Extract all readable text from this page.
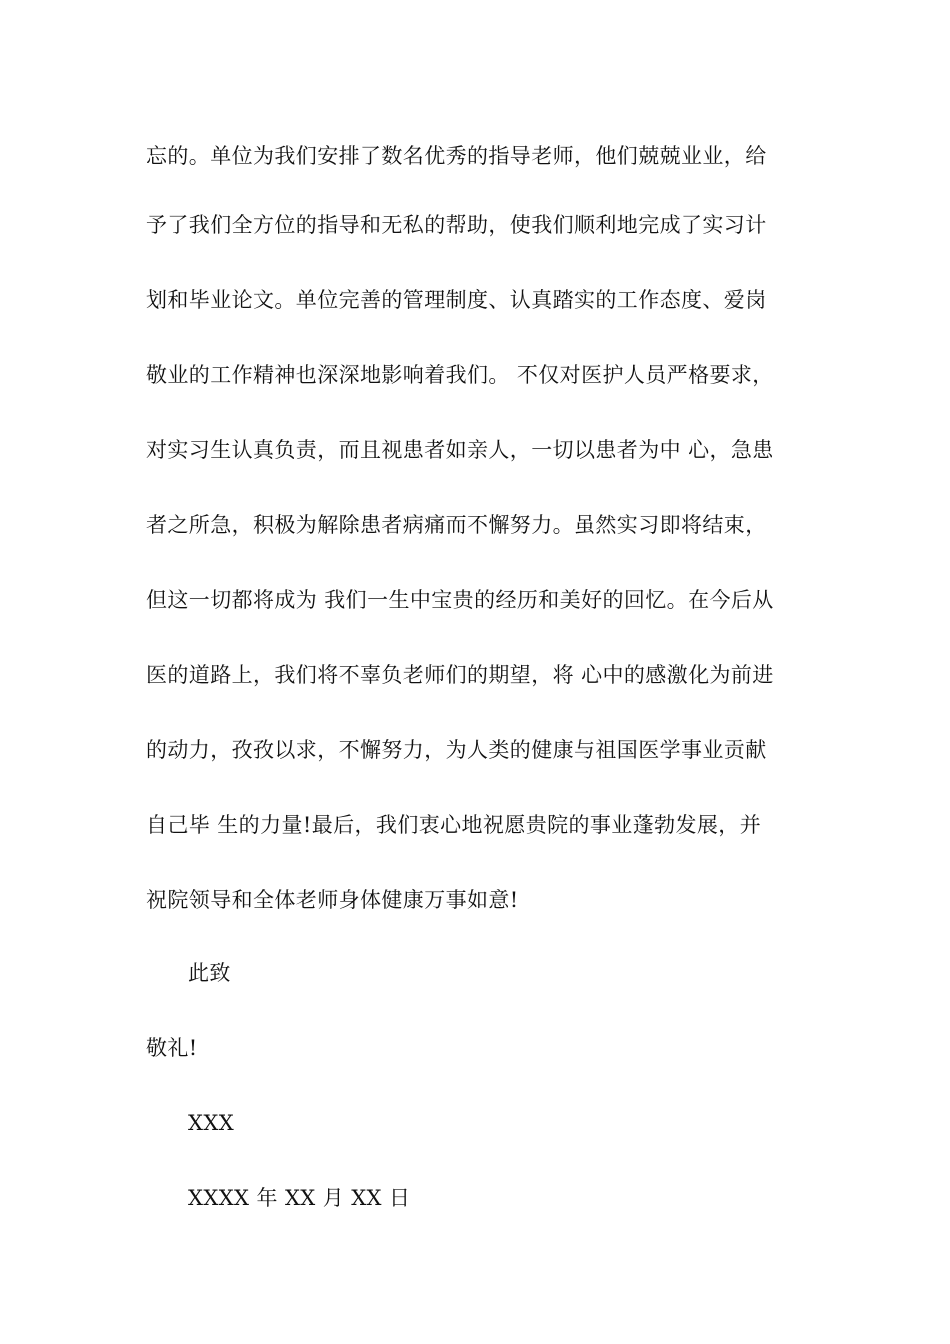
忘的。单位为我们安排了数名优秀的指导老师，他们兢兢业业，给
予了我们全方位的指导和无私的帮助，使我们顺利地完成了实习计
划和毕业论文。单位完善的管理制度、认真踏实的工作态度、爱岗
敬业的工作精神也深深地影响着我们。 不仅对医护人员严格要求，
对实习生认真负责，而且视患者如亲人，一切以患者为中 心，急患
者之所急，积极为解除患者病痛而不懈努力。虽然实习即将结束，
但这一切都将成为 我们一生中宝贵的经历和美好的回忆。在今后从
医的道路上，我们将不辜负老师们的期望，将 心中的感激化为前进
的动力，孜孜以求，不懈努力，为人类的健康与祖国医学事业贡献
自己毕 生的力量!最后，我们衷心地祝愿贵院的事业蓬勃发展，并
祝院领导和全体老师身体健康万事如意!
此致
敬礼!
XXX
XXXX 年 XX 月 XX 日
